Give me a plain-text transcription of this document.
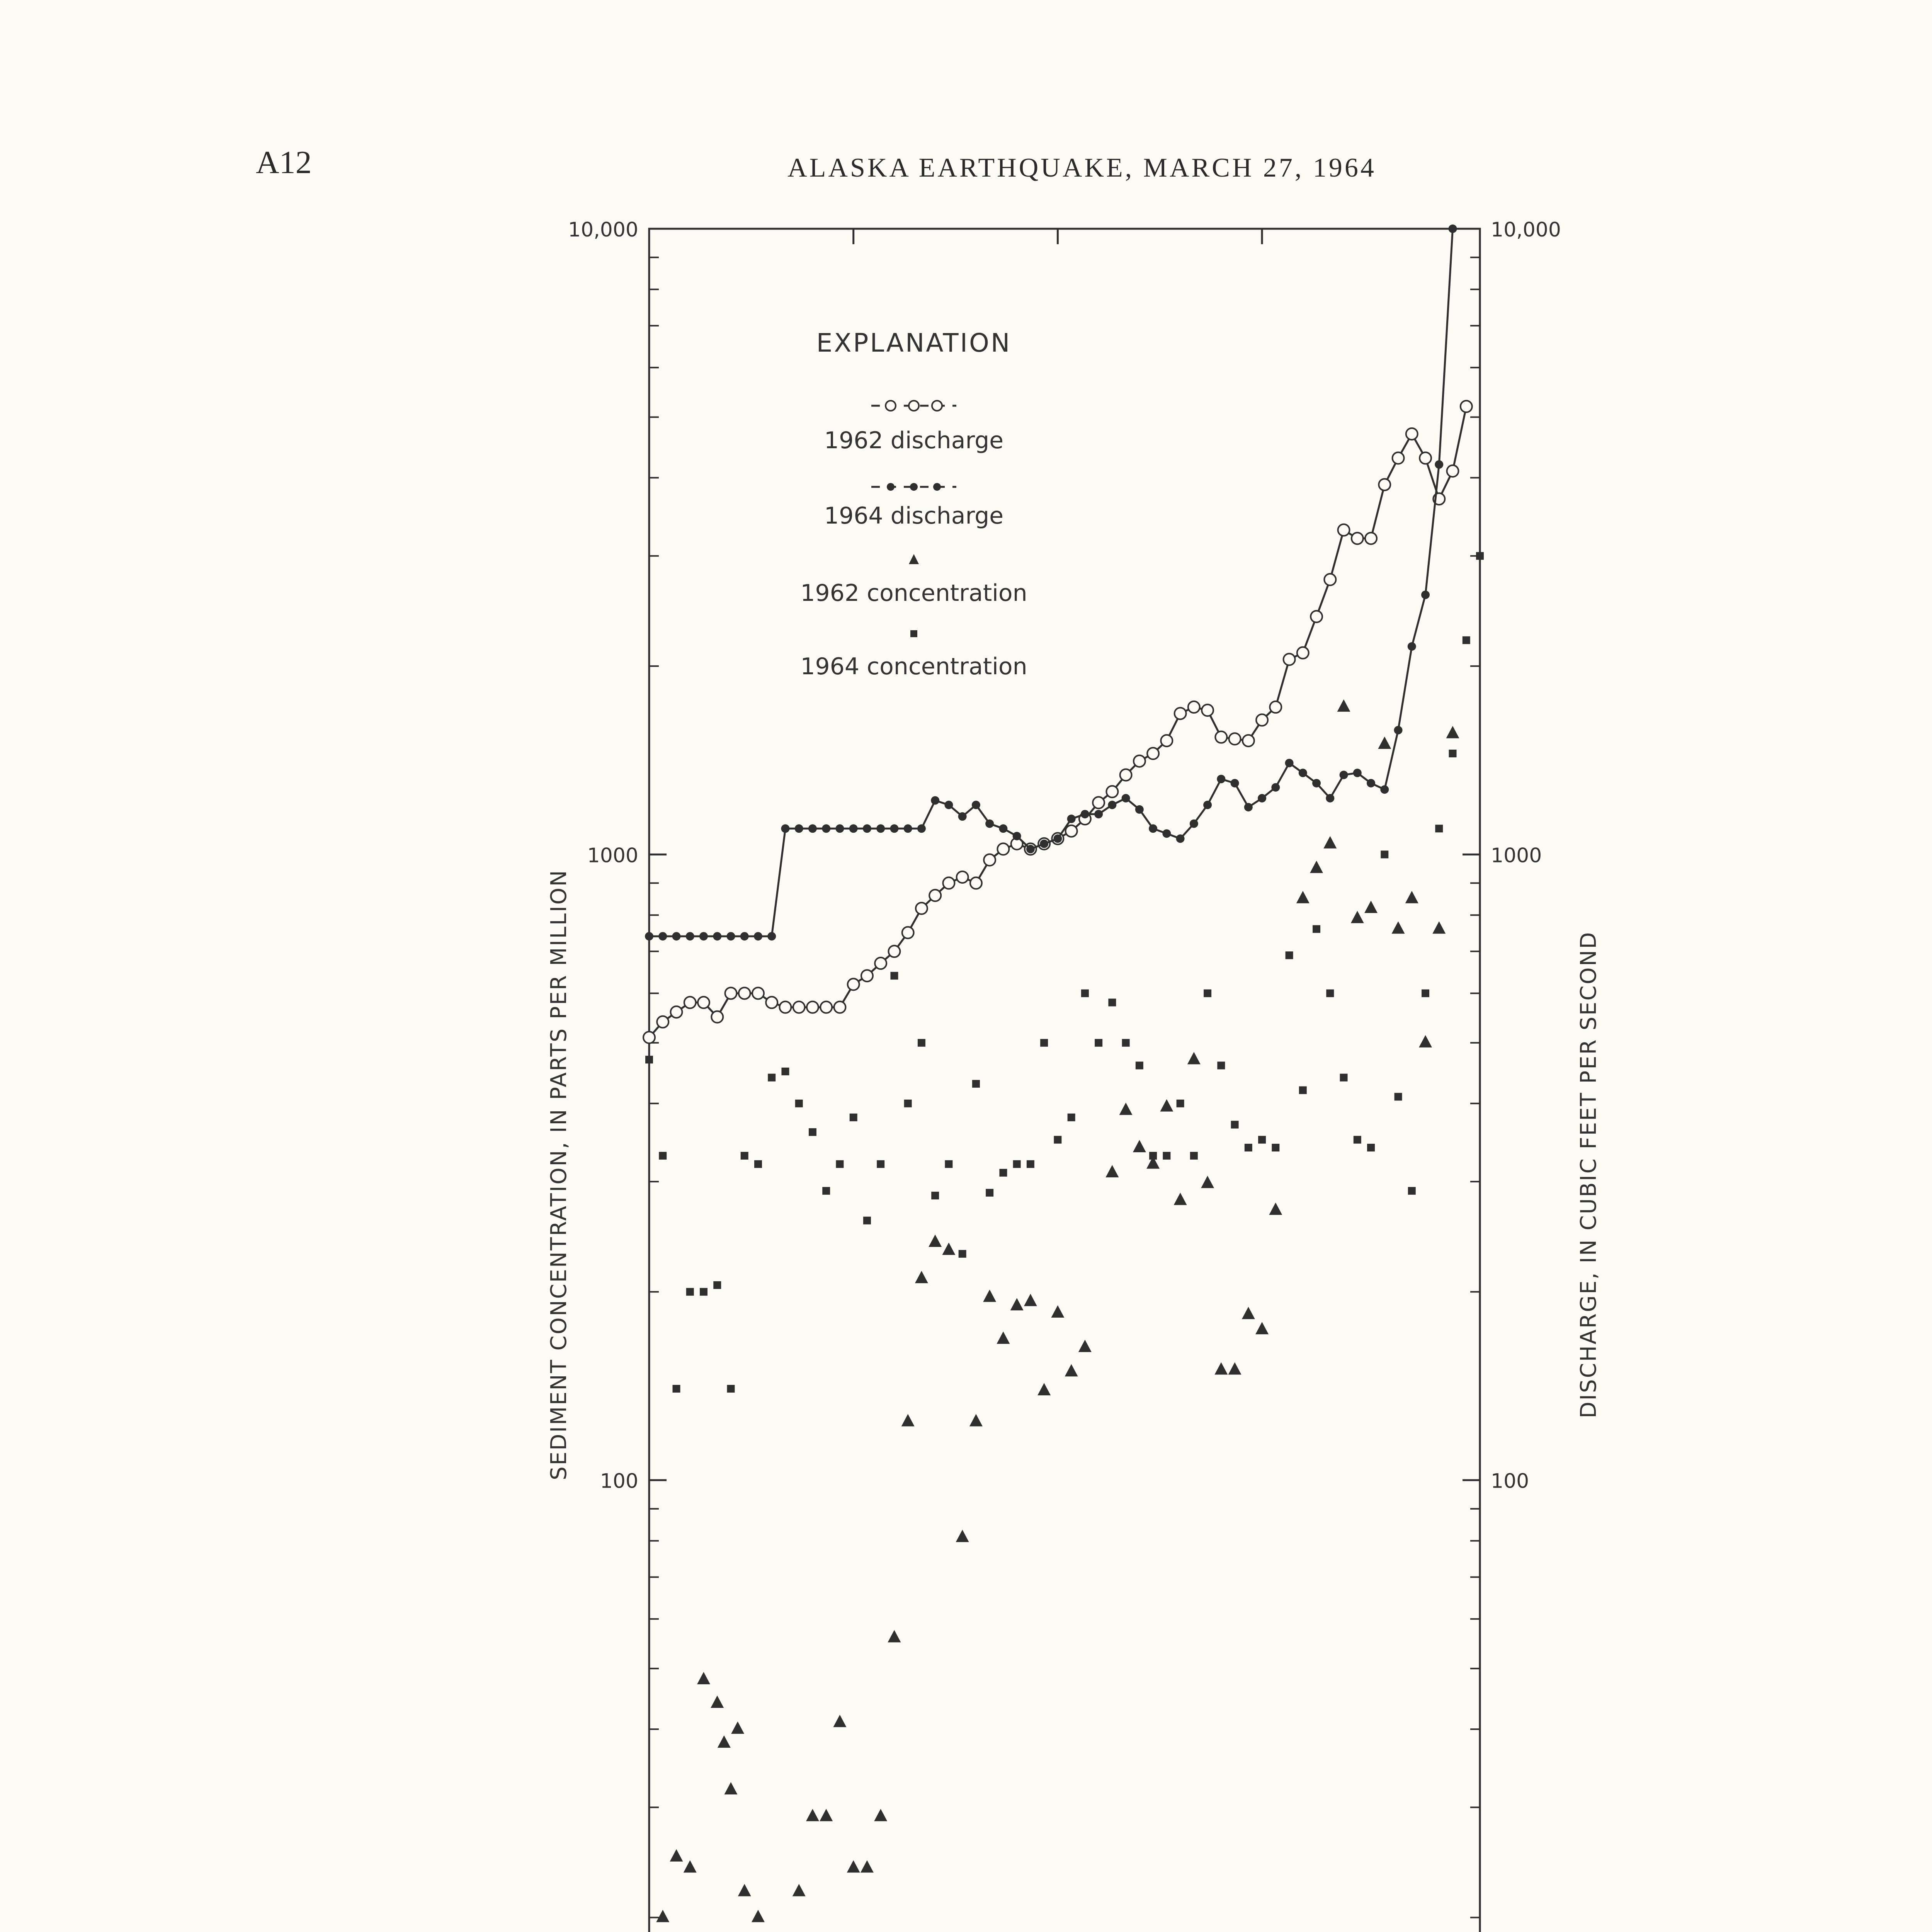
A12	ALASKA EARTHQUAKE, MARCH 27, 1964
100	100
1000	1000
10,000	10,000
EXPLANATION
1962 discharge
1964 discharge
1962 concentration
1964 concentration
SEDIMENT CONCENTRATION, IN PARTS PER MILLION	DISCHARGE, IN CUBIC FEET PER SECOND
